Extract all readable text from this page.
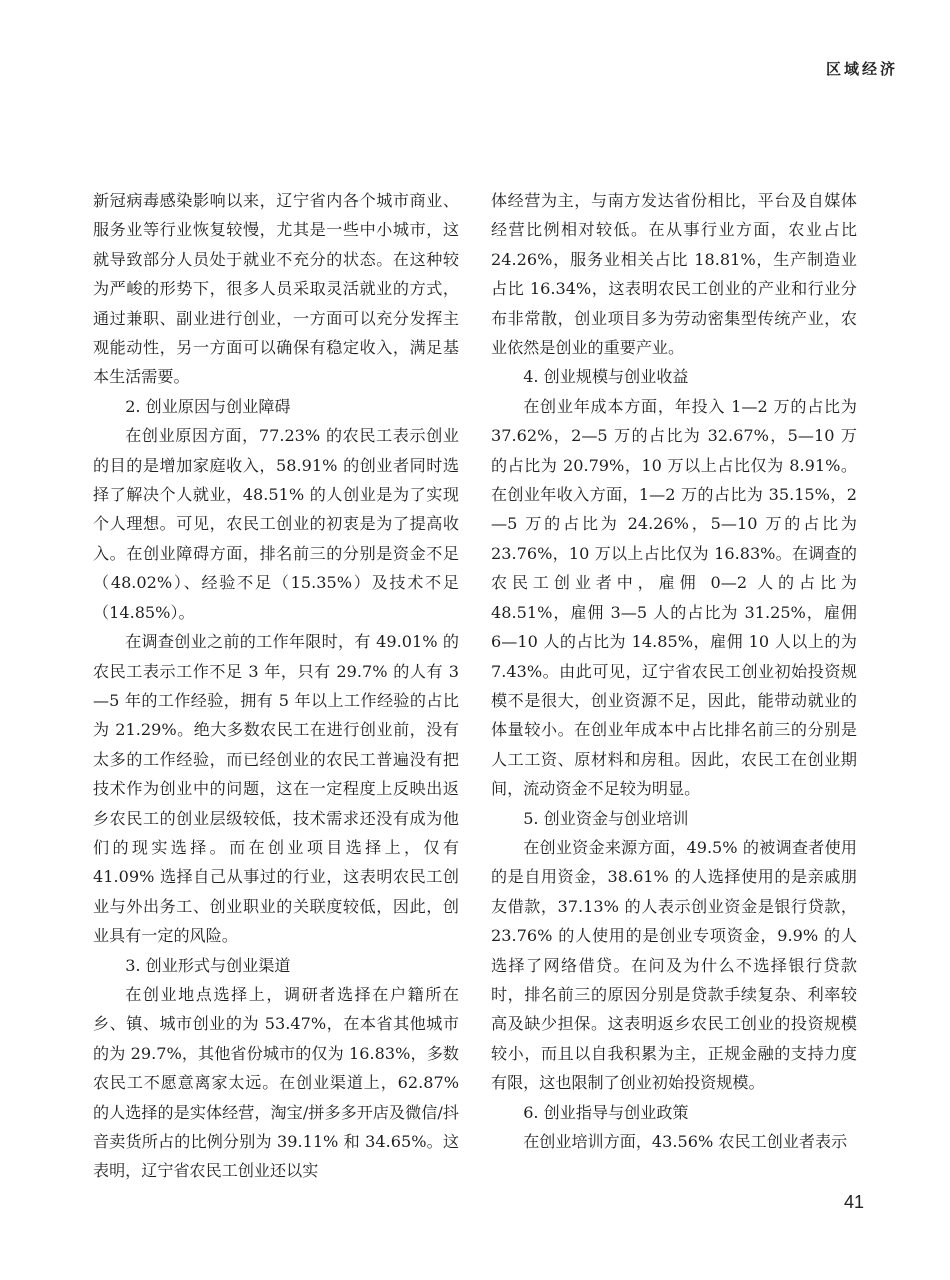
区域经济

新冠病毒感染影响以来，辽宁省内各个城市商业、服务业等行业恢复较慢，尤其是一些中小城市，这就导致部分人员处于就业不充分的状态。在这种较为严峻的形势下，很多人员采取灵活就业的方式，通过兼职、副业进行创业，一方面可以充分发挥主观能动性，另一方面可以确保有稳定收入，满足基本生活需要。

2. 创业原因与创业障碍

在创业原因方面，77.23% 的农民工表示创业的目的是增加家庭收入，58.91% 的创业者同时选择了解决个人就业，48.51% 的人创业是为了实现个人理想。可见，农民工创业的初衷是为了提高收入。在创业障碍方面，排名前三的分别是资金不足（48.02%）、经验不足（15.35%）及技术不足（14.85%）。

在调查创业之前的工作年限时，有 49.01% 的农民工表示工作不足 3 年，只有 29.7% 的人有 3—5 年的工作经验，拥有 5 年以上工作经验的占比为 21.29%。绝大多数农民工在进行创业前，没有太多的工作经验，而已经创业的农民工普遍没有把技术作为创业中的问题，这在一定程度上反映出返乡农民工的创业层级较低，技术需求还没有成为他们的现实选择。而在创业项目选择上，仅有 41.09% 选择自己从事过的行业，这表明农民工创业与外出务工、创业职业的关联度较低，因此，创业具有一定的风险。

3. 创业形式与创业渠道

在创业地点选择上，调研者选择在户籍所在乡、镇、城市创业的为 53.47%，在本省其他城市的为 29.7%，其他省份城市的仅为 16.83%，多数农民工不愿意离家太远。在创业渠道上，62.87% 的人选择的是实体经营，淘宝/拼多多开店及微信/抖音卖货所占的比例分别为 39.11% 和 34.65%。这表明，辽宁省农民工创业还以实

体经营为主，与南方发达省份相比，平台及自媒体经营比例相对较低。在从事行业方面，农业占比 24.26%，服务业相关占比 18.81%，生产制造业占比 16.34%，这表明农民工创业的产业和行业分布非常散，创业项目多为劳动密集型传统产业，农业依然是创业的重要产业。

4. 创业规模与创业收益

在创业年成本方面，年投入 1—2 万的占比为 37.62%，2—5 万的占比为 32.67%，5—10 万的占比为 20.79%，10 万以上占比仅为 8.91%。在创业年收入方面，1—2 万的占比为 35.15%，2—5 万的占比为 24.26%，5—10 万的占比为 23.76%，10 万以上占比仅为 16.83%。在调查的农民工创业者中，雇佣 0—2 人的占比为 48.51%，雇佣 3—5 人的占比为 31.25%，雇佣 6—10 人的占比为 14.85%，雇佣 10 人以上的为 7.43%。由此可见，辽宁省农民工创业初始投资规模不是很大，创业资源不足，因此，能带动就业的体量较小。在创业年成本中占比排名前三的分别是人工工资、原材料和房租。因此，农民工在创业期间，流动资金不足较为明显。

5. 创业资金与创业培训

在创业资金来源方面，49.5% 的被调查者使用的是自用资金，38.61% 的人选择使用的是亲戚朋友借款，37.13% 的人表示创业资金是银行贷款，23.76% 的人使用的是创业专项资金，9.9% 的人选择了网络借贷。在问及为什么不选择银行贷款时，排名前三的原因分别是贷款手续复杂、利率较高及缺少担保。这表明返乡农民工创业的投资规模较小，而且以自我积累为主，正规金融的支持力度有限，这也限制了创业初始投资规模。

6. 创业指导与创业政策

在创业培训方面，43.56% 农民工创业者表示

41
